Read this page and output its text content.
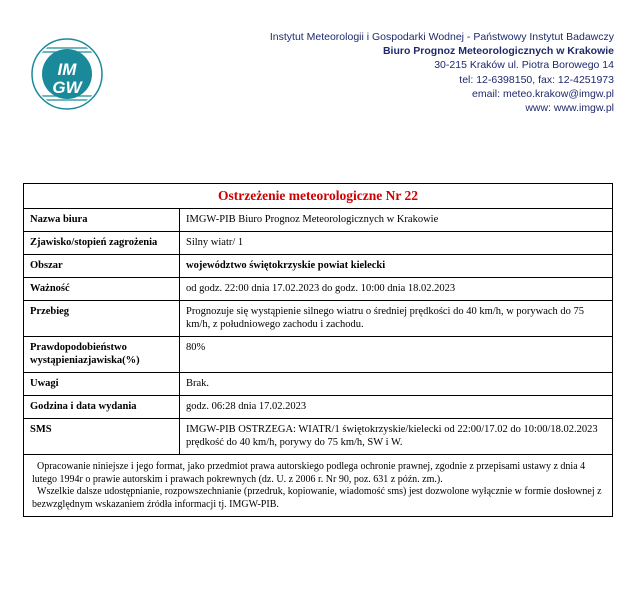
IM
GW
Instytut Meteorologii i Gospodarki Wodnej - Państwowy Instytut Badawczy
Biuro Prognoz Meteorologicznych w Krakowie
30-215 Kraków ul. Piotra Borowego 14
tel: 12-6398150, fax: 12-4251973
email: meteo.krakow@imgw.pl
www: www.imgw.pl
Ostrzeżenie meteorologiczne Nr 22
Nazwa biura	IMGW-PIB Biuro Prognoz Meteorologicznych w Krakowie
Zjawisko/stopień zagrożenia	Silny wiatr/ 1
Obszar	województwo świętokrzyskie powiat kielecki
Ważność	od godz. 22:00 dnia 17.02.2023 do godz. 10:00 dnia 18.02.2023
Przebieg	Prognozuje się wystąpienie silnego wiatru o średniej prędkości do 40 km/h, w porywach do 75 km/h, z południowego zachodu i zachodu.
Prawdopodobieństwo wystąpieniazjawiska(%)	80%
Uwagi	Brak.
Godzina i data wydania	godz. 06:28 dnia 17.02.2023
SMS	IMGW-PIB OSTRZEGA: WIATR/1 świętokrzyskie/kielecki od 22:00/17.02 do 10:00/18.02.2023 prędkość do 40 km/h, porywy do 75 km/h, SW i W.
Opracowanie niniejsze i jego format, jako przedmiot prawa autorskiego podlega ochronie prawnej, zgodnie z przepisami ustawy z dnia 4 lutego 1994r o prawie autorskim i prawach pokrewnych (dz. U. z 2006 r. Nr 90, poz. 631 z późn. zm.).
Wszelkie dalsze udostępnianie, rozpowszechnianie (przedruk, kopiowanie, wiadomość sms) jest dozwolone wyłącznie w formie dosłownej z bezwzględnym wskazaniem źródła informacji tj. IMGW-PIB.
